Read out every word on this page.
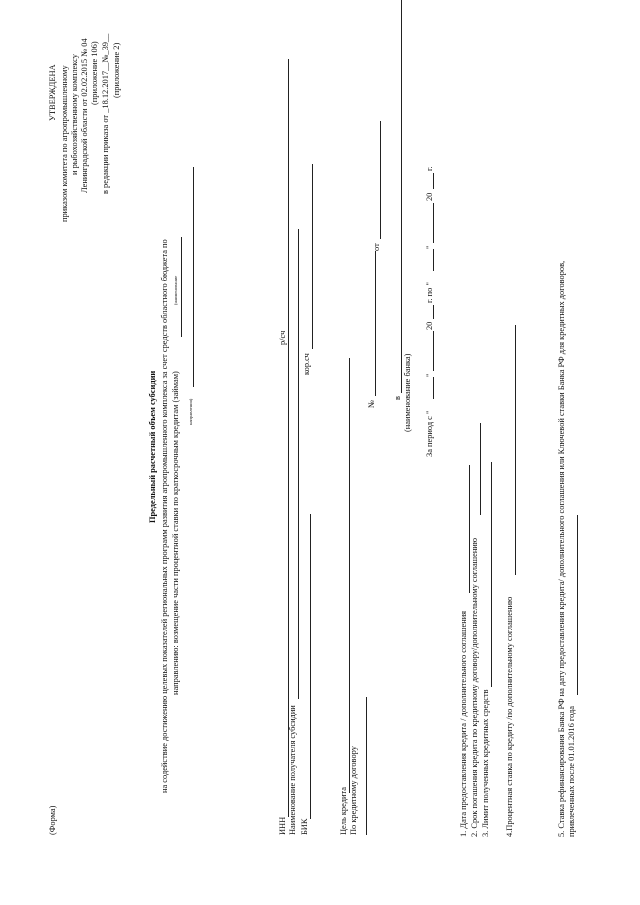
(Форма)
УТВЕРЖДЕНА приказом комитета по агропромышленному и рыбохозяйственному комплексу Ленинградской области от 02.02.2015 № 04 (приложение 106) в редакции приказа от _18.12.2017__№_39__ (приложение 2)
Предельный расчетный объем субсидии на содействие достижению целевых показателей региональных программ развития агропромышленного комплекса за счет средств областного бюджета по направлению: возмещение части процентной ставки по краткосрочным кредитам (займам)
(наименование
направления)
ИНН
р/сч
Наименование получателя субсидии БИК
кор.сч
Цель кредита По кредитному договору
№
от
в (наименование банка)
За период с "
"
20
г. по "
"
20
г.
1. Дата предоставления кредита / дополнительного соглашения 2. Срок погашения кредита по кредитному договору/дополнительному соглашению 3. Лимит полученных кредитных средств 4.Процентная ставка по кредиту /по дополнительному соглашению	5. Ставка рефинансирования Банка РФ на дату предоставления кредита/ дополнительного соглашения или Ключевой ставки Банка РФ для кредитных договоров, привлеченных после 01.01.2016 года
